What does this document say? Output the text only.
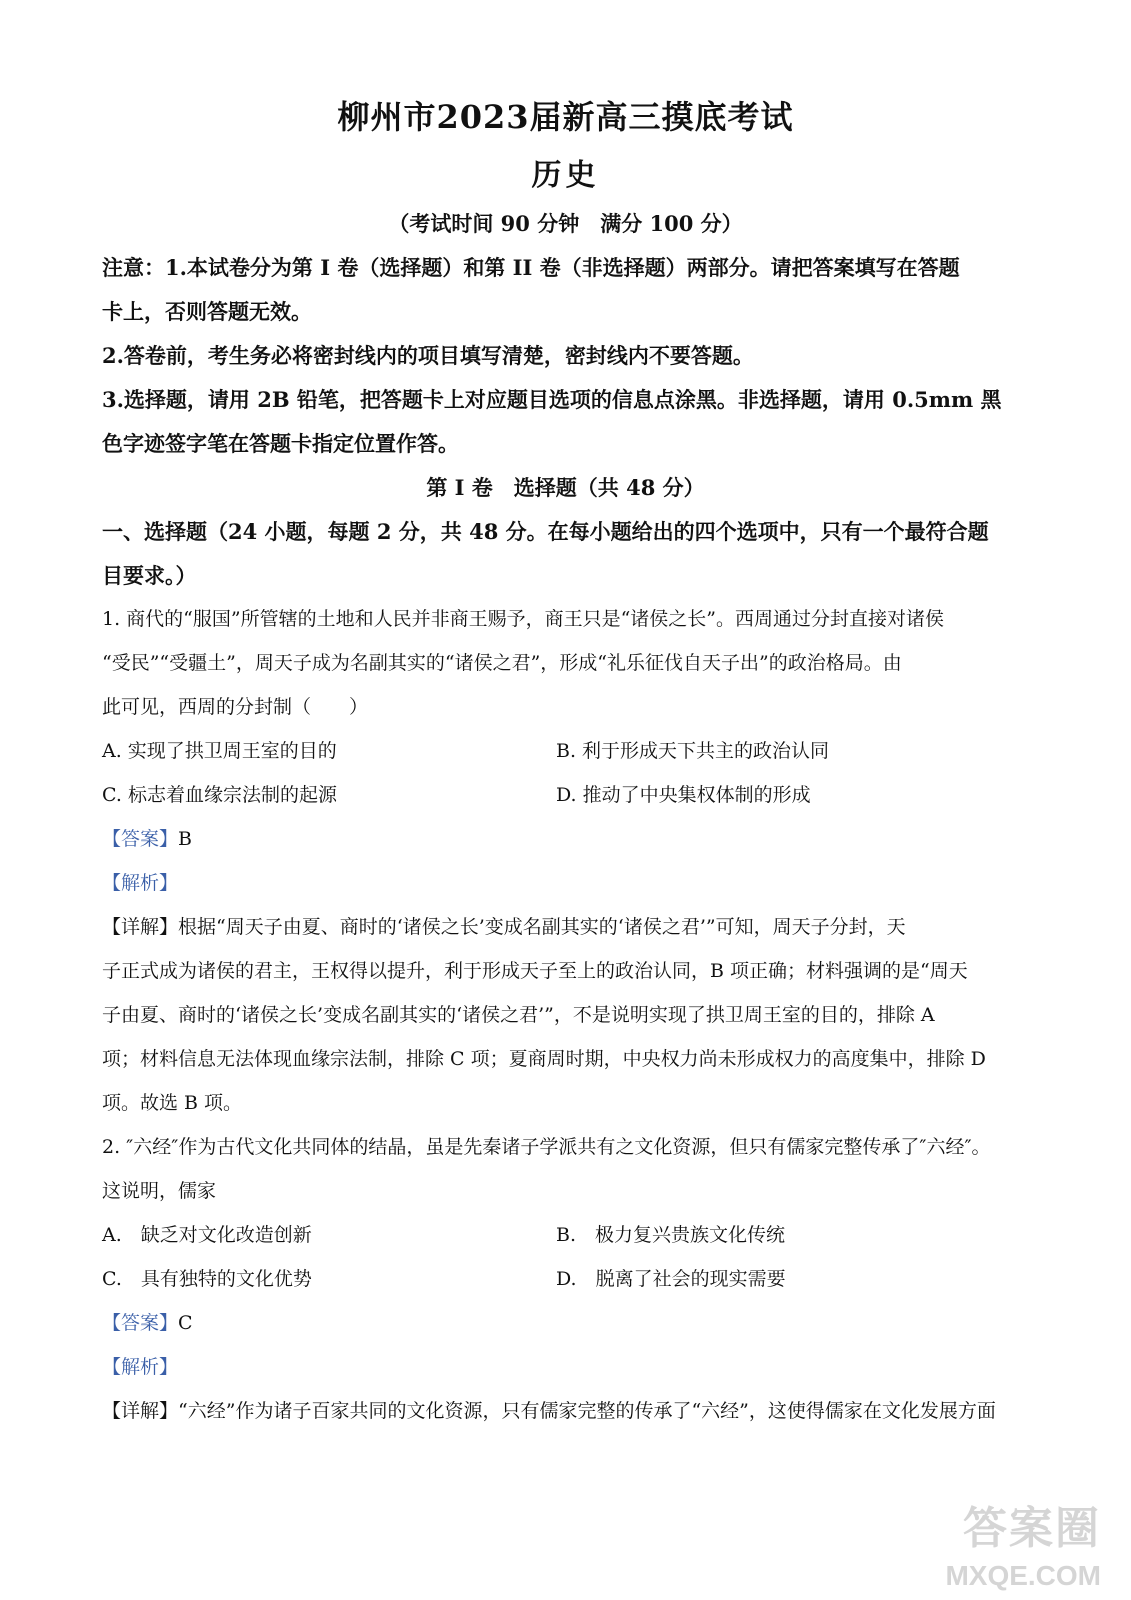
柳州市2023届新高三摸底考试
历史
（考试时间 90 分钟　满分 100 分）
注意：1.本试卷分为第 I 卷（选择题）和第 II 卷（非选择题）两部分。请把答案填写在答题
卡上，否则答题无效。
2.答卷前，考生务必将密封线内的项目填写清楚，密封线内不要答题。
3.选择题，请用 2B 铅笔，把答题卡上对应题目选项的信息点涂黑。非选择题，请用 0.5mm 黑
色字迹签字笔在答题卡指定位置作答。
第 I 卷　选择题（共 48 分）
一、选择题（24 小题，每题 2 分，共 48 分。在每小题给出的四个选项中，只有一个最符合题
目要求。）
1. 商代的“服国”所管辖的土地和人民并非商王赐予，商王只是“诸侯之长”。西周通过分封直接对诸侯
“受民”“受疆土”，周天子成为名副其实的“诸侯之君”，形成“礼乐征伐自天子出”的政治格局。由
此可见，西周的分封制（　　）
A. 实现了拱卫周王室的目的	B. 利于形成天下共主的政治认同
C. 标志着血缘宗法制的起源	D. 推动了中央集权体制的形成
【答案】B
【解析】
【详解】根据“周天子由夏、商时的‘诸侯之长’变成名副其实的‘诸侯之君’”可知，周天子分封，天
子正式成为诸侯的君主，王权得以提升，利于形成天子至上的政治认同，B 项正确；材料强调的是“周天
子由夏、商时的‘诸侯之长’变成名副其实的‘诸侯之君’”，不是说明实现了拱卫周王室的目的，排除 A
项；材料信息无法体现血缘宗法制，排除 C 项；夏商周时期，中央权力尚未形成权力的高度集中，排除 D
项。故选 B 项。
2. ″六经″作为古代文化共同体的结晶，虽是先秦诸子学派共有之文化资源，但只有儒家完整传承了″六经″。
这说明，儒家
A.　缺乏对文化改造创新	B.　极力复兴贵族文化传统
C.　具有独特的文化优势	D.　脱离了社会的现实需要
【答案】C
【解析】
【详解】“六经”作为诸子百家共同的文化资源，只有儒家完整的传承了“六经”，这使得儒家在文化发展方面
答案圈
MXQE.COM
